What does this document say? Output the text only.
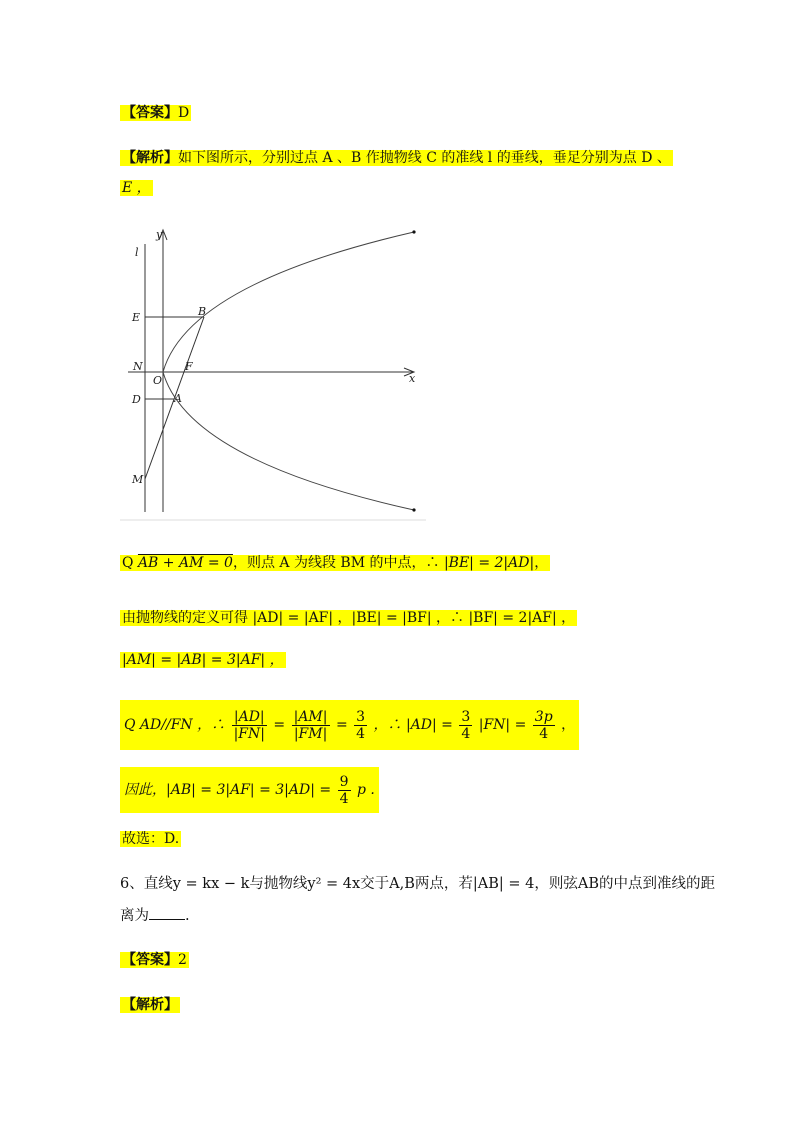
【答案】D
【解析】如下图所示，分别过点 A 、B 作抛物线 C 的准线 l 的垂线，垂足分别为点 D 、
E ，
l
y
x
E	B
N	F
O
D	A
M
Q AB + AM = 0，则点 A 为线段 BM 的中点，∴ |BE| = 2|AD|，
由抛物线的定义可得 |AD| = |AF| ，|BE| = |BF| ，∴ |BF| = 2|AF| ，
|AM| = |AB| = 3|AF| ，
Q AD//FN ，∴ $\frac{|AD|}{|FN|} = \frac{|AM|}{|FM|} = \frac{3}{4}$ ，∴ $|AD| = \frac{3}{4} |FN| = \frac{3p}{4}$ ，
因此，$|AB| = 3|AF| = 3|AD| = \frac{9}{4}$ p .
故选：D.
6、直线y = kx − k与抛物线y² = 4x交于A,B两点，若|AB| = 4，则弦AB的中点到准线的距
离为 .
【答案】2
【解析】
